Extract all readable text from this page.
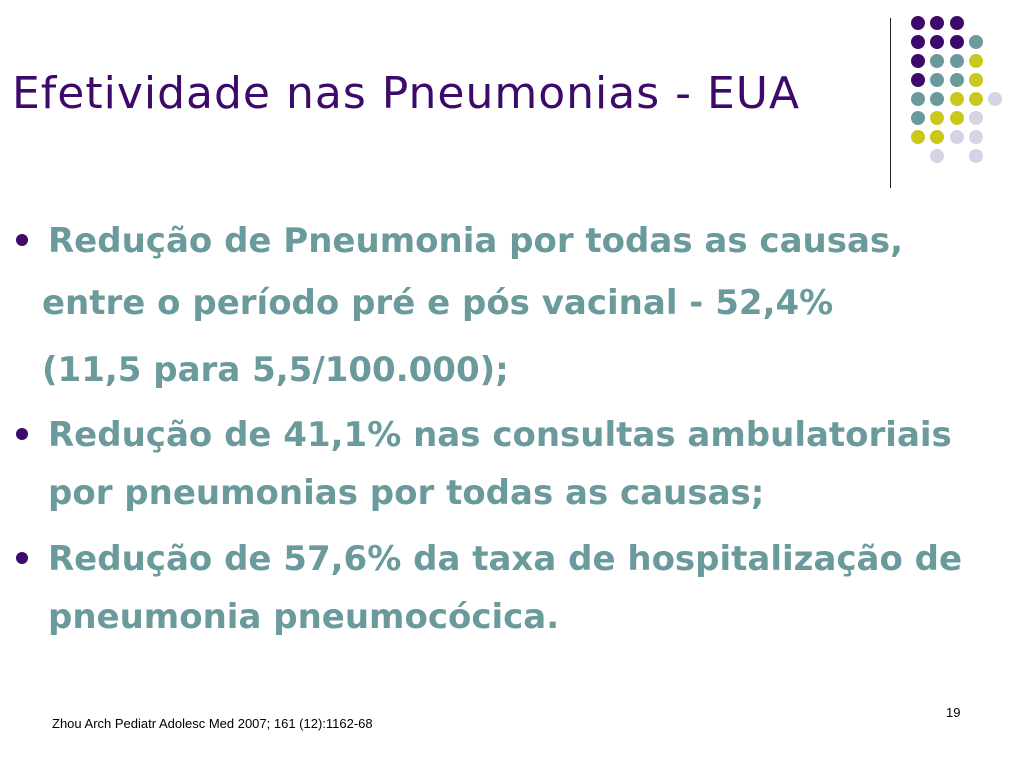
Efetividade nas Pneumonias - EUA
Redução de Pneumonia por todas as causas,
entre o período pré e pós vacinal - 52,4%
(11,5 para 5,5/100.000);
Redução de 41,1% nas consultas ambulatoriais
por pneumonias por todas as causas;
Redução de 57,6% da taxa de hospitalização de
pneumonia pneumocócica.
Zhou Arch Pediatr Adolesc Med 2007; 161 (12):1162-68
19
